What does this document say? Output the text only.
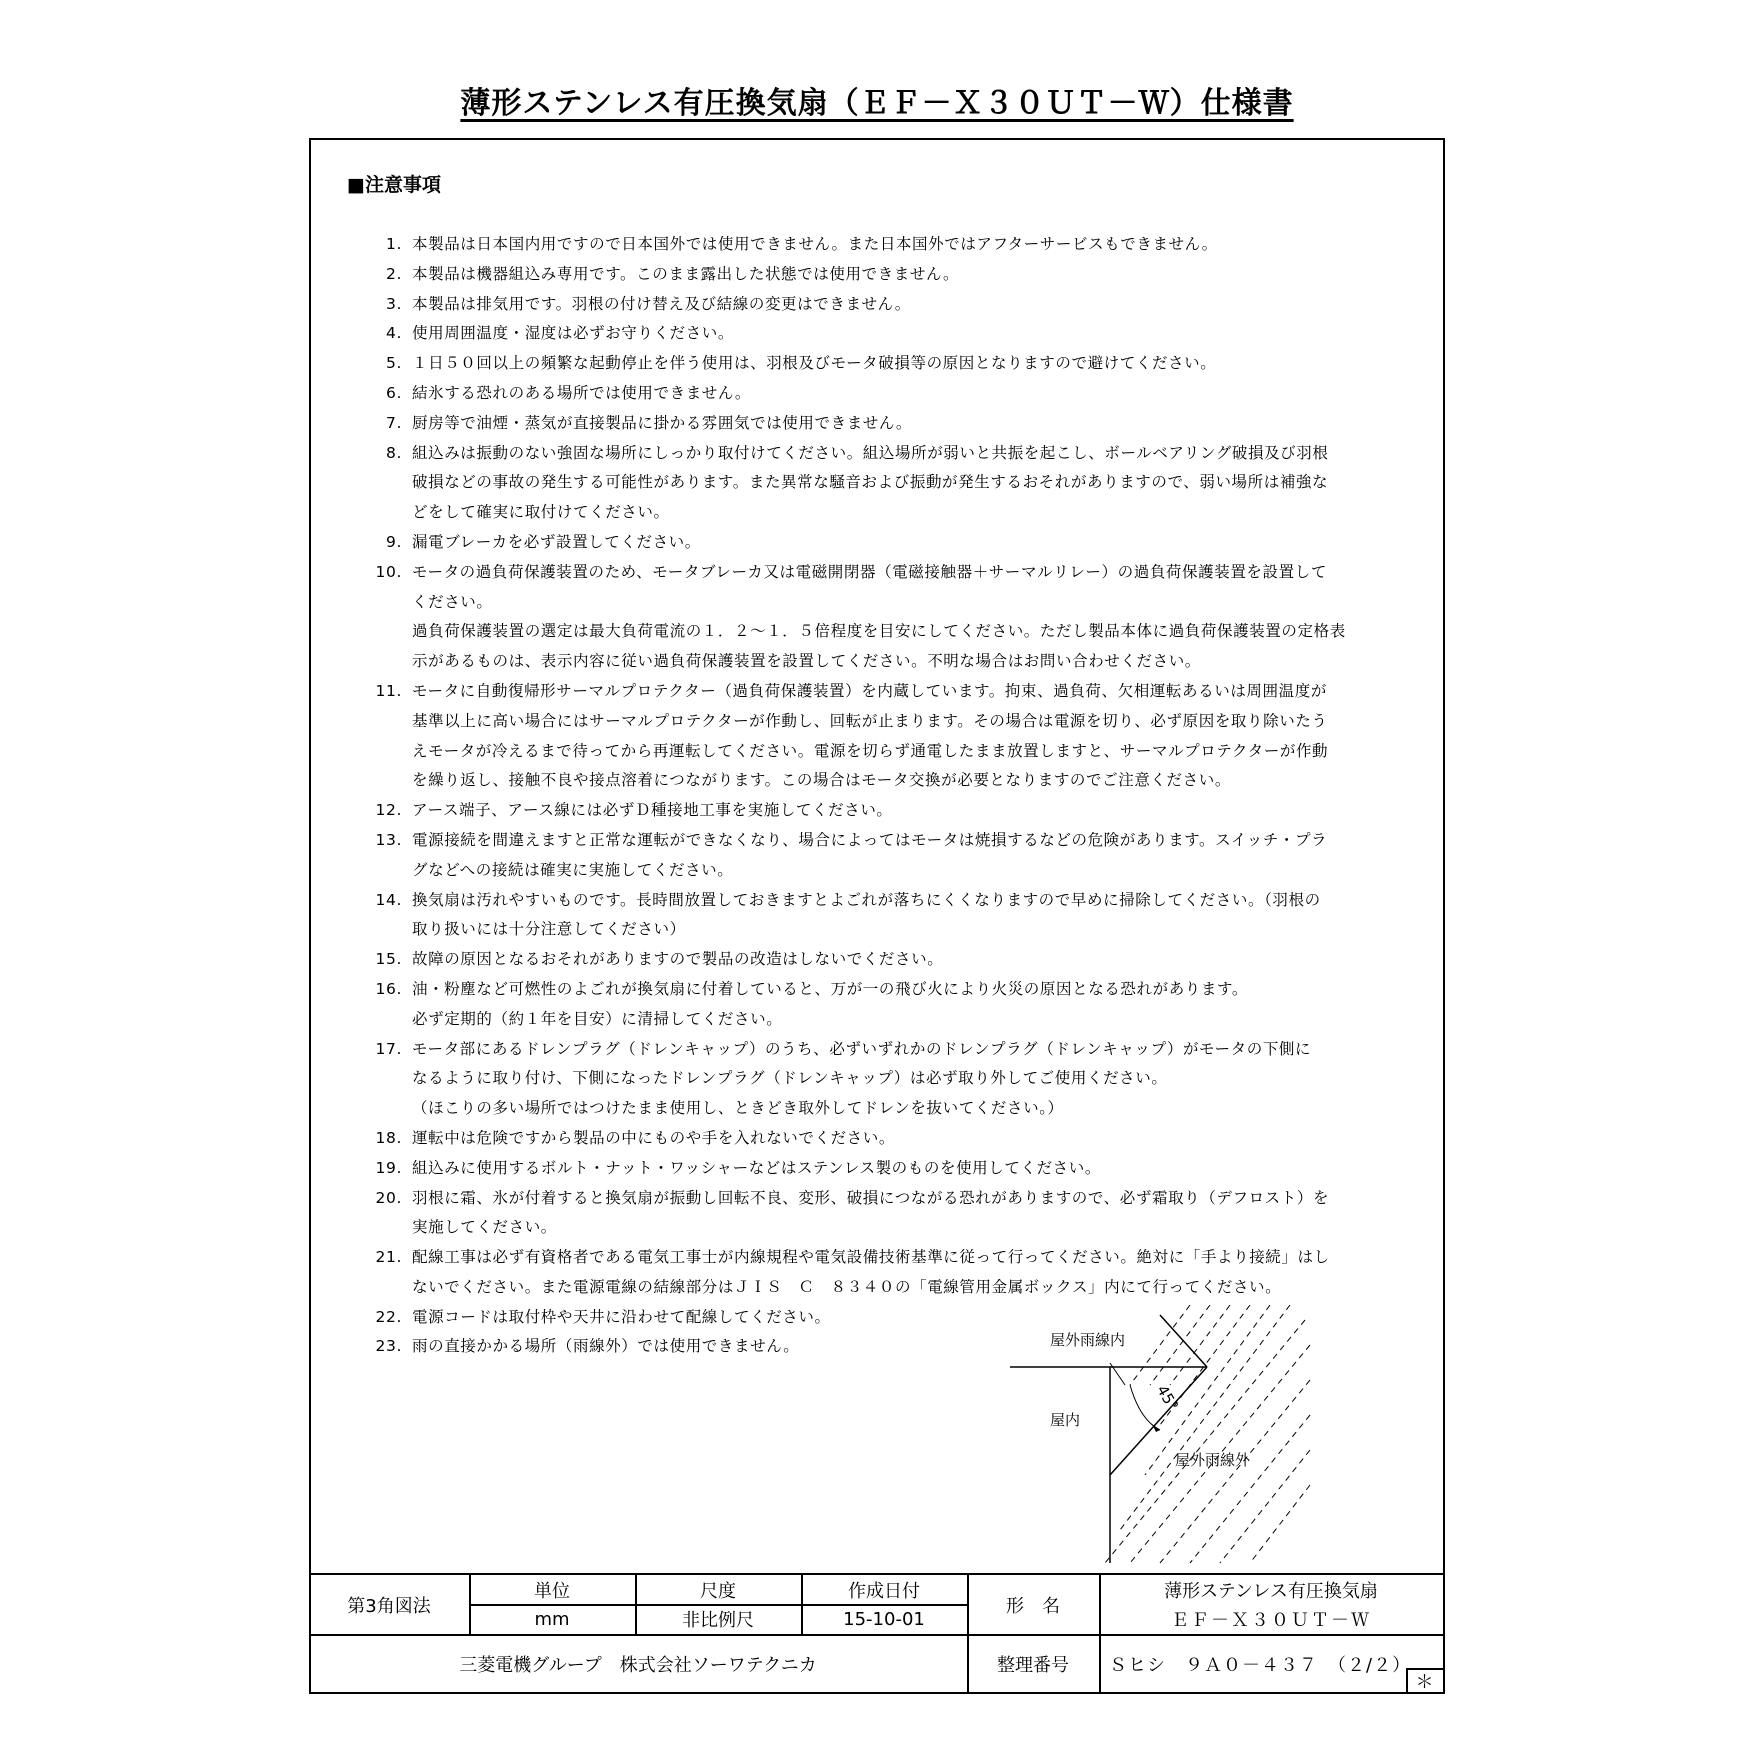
薄形ステンレス有圧換気扇（ＥＦ－Ｘ３０ＵＴ－Ｗ）仕様書
■注意事項
1. 本製品は日本国内用ですので日本国外では使用できません。また日本国外ではアフターサービスもできません。
2. 本製品は機器組込み専用です。このまま露出した状態では使用できません。
3. 本製品は排気用です。羽根の付け替え及び結線の変更はできません。
4. 使用周囲温度・湿度は必ずお守りください。
5. １日５０回以上の頻繁な起動停止を伴う使用は、羽根及びモータ破損等の原因となりますので避けてください。
6. 結氷する恐れのある場所では使用できません。
7. 厨房等で油煙・蒸気が直接製品に掛かる雰囲気では使用できません。
8. 組込みは振動のない強固な場所にしっかり取付けてください。組込場所が弱いと共振を起こし、ボールベアリング破損及び羽根
破損などの事故の発生する可能性があります。また異常な騒音および振動が発生するおそれがありますので、弱い場所は補強な
どをして確実に取付けてください。
9. 漏電ブレーカを必ず設置してください。
10. モータの過負荷保護装置のため、モータブレーカ又は電磁開閉器（電磁接触器＋サーマルリレー）の過負荷保護装置を設置して
ください。
過負荷保護装置の選定は最大負荷電流の１．２～１．５倍程度を目安にしてください。ただし製品本体に過負荷保護装置の定格表
示があるものは、表示内容に従い過負荷保護装置を設置してください。不明な場合はお問い合わせください。
11. モータに自動復帰形サーマルプロテクター（過負荷保護装置）を内蔵しています。拘束、過負荷、欠相運転あるいは周囲温度が
基準以上に高い場合にはサーマルプロテクターが作動し、回転が止まります。その場合は電源を切り、必ず原因を取り除いたう
えモータが冷えるまで待ってから再運転してください。電源を切らず通電したまま放置しますと、サーマルプロテクターが作動
を繰り返し、接触不良や接点溶着につながります。この場合はモータ交換が必要となりますのでご注意ください。
12. アース端子、アース線には必ずＤ種接地工事を実施してください。
13. 電源接続を間違えますと正常な運転ができなくなり、場合によってはモータは焼損するなどの危険があります。スイッチ・プラ
グなどへの接続は確実に実施してください。
14. 換気扇は汚れやすいものです。長時間放置しておきますとよごれが落ちにくくなりますので早めに掃除してください。（羽根の
取り扱いには十分注意してください）
15. 故障の原因となるおそれがありますので製品の改造はしないでください。
16. 油・粉塵など可燃性のよごれが換気扇に付着していると、万が一の飛び火により火災の原因となる恐れがあります。
必ず定期的（約１年を目安）に清掃してください。
17. モータ部にあるドレンプラグ（ドレンキャップ）のうち、必ずいずれかのドレンプラグ（ドレンキャップ）がモータの下側に
なるように取り付け、下側になったドレンプラグ（ドレンキャップ）は必ず取り外してご使用ください。
（ほこりの多い場所ではつけたまま使用し、ときどき取外してドレンを抜いてください。）
18. 運転中は危険ですから製品の中にものや手を入れないでください。
19. 組込みに使用するボルト・ナット・ワッシャーなどはステンレス製のものを使用してください。
20. 羽根に霜、氷が付着すると換気扇が振動し回転不良、変形、破損につながる恐れがありますので、必ず霜取り（デフロスト）を
実施してください。
21. 配線工事は必ず有資格者である電気工事士が内線規程や電気設備技術基準に従って行ってください。絶対に「手より接続」はし
ないでください。また電源電線の結線部分はＪＩＳ　Ｃ　８３４０の「電線管用金属ボックス」内にて行ってください。
22. 電源コードは取付枠や天井に沿わせて配線してください。
23. 雨の直接かかる場所（雨線外）では使用できません。	屋外雨線内
屋内
屋外雨線外
45°
第3角図法
単位
mm
尺度
非比例尺
作成日付
15-10-01
形　名
薄形ステンレス有圧換気扇
ＥＦ－Ｘ３０ＵＴ－Ｗ
三菱電機グループ　株式会社ソーワテクニカ	整理番号	Ｓヒシ　９Ａ０－４３７　（２/２）
＊
